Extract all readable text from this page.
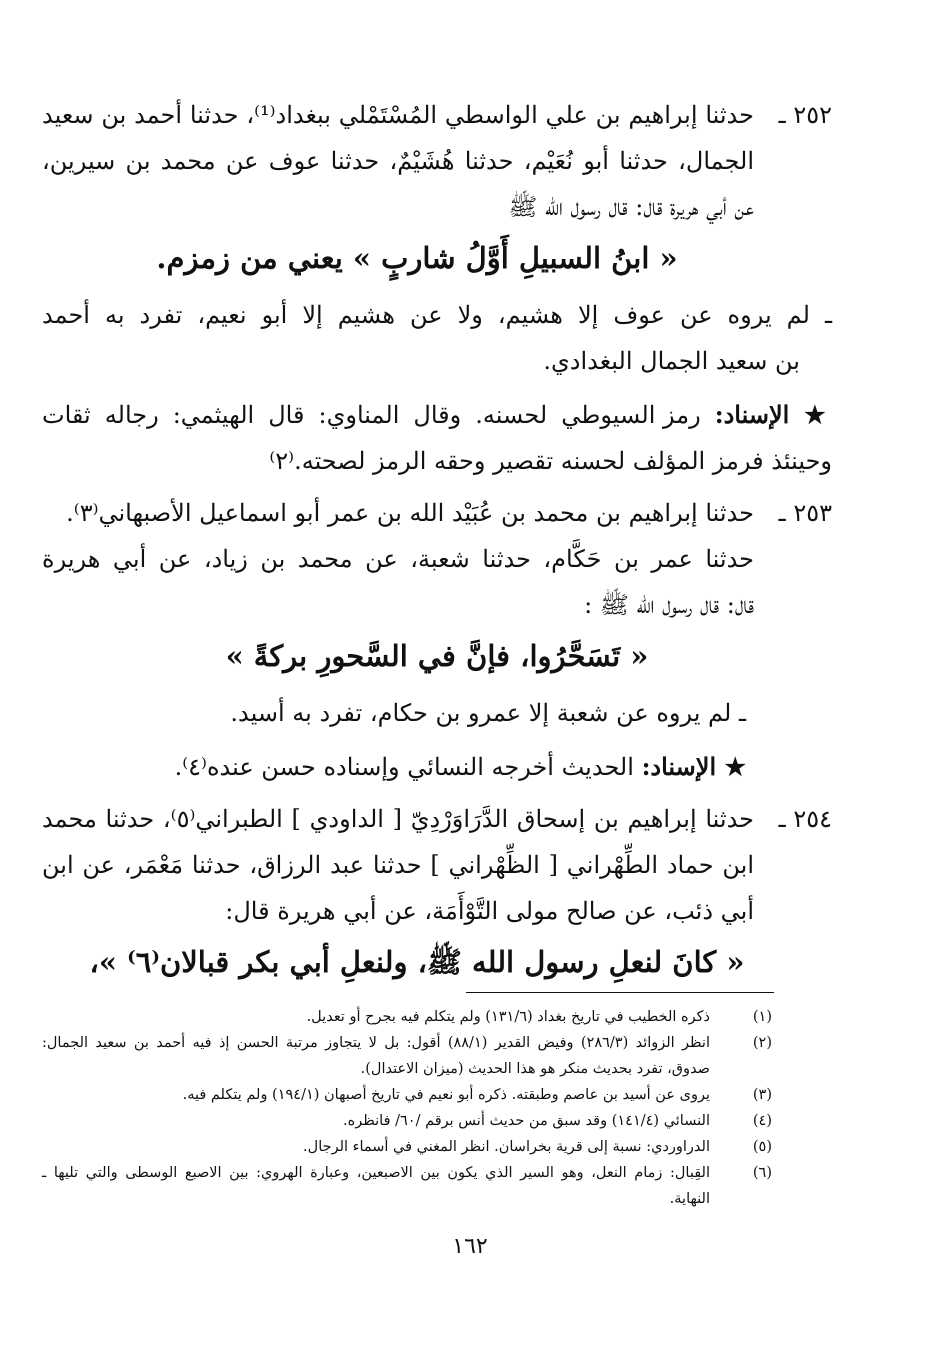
٢٥٢ ـ
حدثنا إبراهيم بن علي الواسطي المُسْتَمْلي ببغداد⁽¹⁾، حدثنا أحمد بن سعيد
الجمال، حدثنا أبو نُعَيْم، حدثنا هُشَيْمٌ، حدثنا عوف عن محمد بن سيرين،
عن أبي هريرة قال: قال رسول الله ﷺ
« ابنُ السبيلِ أَوَّلُ شاربٍ » يعني من زمزم.
ـ لم يروه عن عوف إلا هشيم، ولا عن هشيم إلا أبو نعيم، تفرد به أحمد
بن سعيد الجمال البغدادي.
★ الإسناد: رمز السيوطي لحسنه. وقال المناوي: قال الهيثمي: رجاله ثقات
وحينئذ فرمز المؤلف لحسنه تقصير وحقه الرمز لصحته.⁽٢⁾
٢٥٣ ـ
حدثنا إبراهيم بن محمد بن عُبَيْد الله بن عمر أبو اسماعيل الأصبهاني⁽٣⁾.
حدثنا عمر بن حَكَّام، حدثنا شعبة، عن محمد بن زياد، عن أبي هريرة
قال: قال رسول الله ﷺ :
« تَسَحَّرُوا، فإنَّ في السَّحورِ بركةً »
ـ لم يروه عن شعبة إلا عمرو بن حكام، تفرد به أسيد.
★ الإسناد: الحديث أخرجه النسائي وإسناده حسن عنده⁽٤⁾.
٢٥٤ ـ
حدثنا إبراهيم بن إسحاق الدَّرَاوَرْدِيّ [ الداودي ] الطبراني⁽٥⁾، حدثنا محمد
ابن حماد الطِّهْراني [ الظِّهْراني ] حدثنا عبد الرزاق، حدثنا مَعْمَر، عن ابن
أبي ذئب، عن صالح مولى التَّوْأَمَة، عن أبي هريرة قال:
« كانَ لنعلِ رسول الله ﷺ، ولنعلِ أبي بكر قبالان⁽٦⁾ »،
(١)
ذكره الخطيب في تاريخ بغداد (١٣١/٦) ولم يتكلم فيه بجرح أو تعديل.
(٢)
انظر الزوائد (٢٨٦/٣) وفيض القدير (٨٨/١) أقول: بل لا يتجاوز مرتبة الحسن إذ فيه أحمد بن سعيد الجمال:
صدوق، تفرد بحديث منكر هو هذا الحديث (ميزان الاعتدال).
(٣)
يروى عن أسيد بن عاصم وطبقته. ذكره أبو نعيم في تاريخ أصبهان (١٩٤/١) ولم يتكلم فيه.
(٤)
النسائي (١٤١/٤) وقد سبق من حديث أنس برقم /٦٠/ فانظره.
(٥)
الدراوردي: نسبة إلى قرية بخراسان. انظر المغني في أسماء الرجال.
(٦)
القِبال: زمام النعل، وهو السير الذي يكون بين الاصبعين، وعبارة الهروي: بين الاصبع الوسطى والتي تليها ـ
النهاية.
١٦٢
